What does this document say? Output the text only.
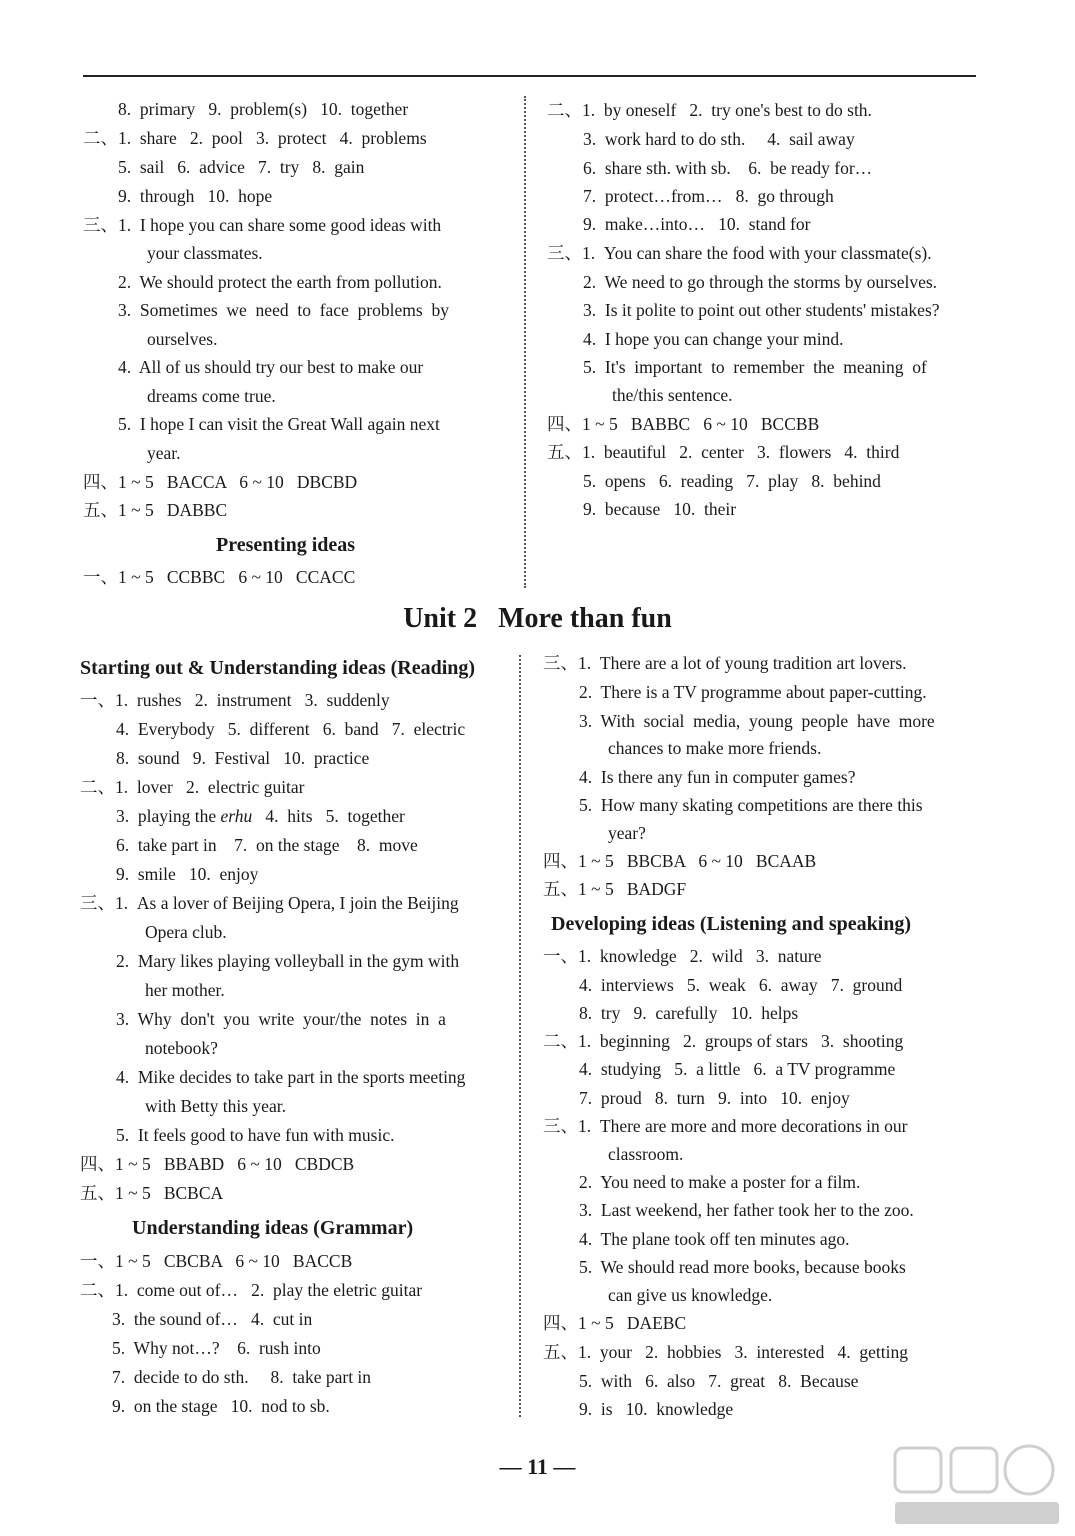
8.  primary   9.  problem(s)   10.  together
二、1.  share   2.  pool   3.  protect   4.  problems
5.  sail   6.  advice   7.  try   8.  gain
9.  through   10.  hope
三、1.  I hope you can share some good ideas with
your classmates.
2.  We should protect the earth from pollution.
3.  Sometimes  we  need  to  face  problems  by
ourselves.
4.  All of us should try our best to make our
dreams come true.
5.  I hope I can visit the Great Wall again next
year.
四、1 ~ 5   BACCA   6 ~ 10   DBCBD
五、1 ~ 5   DABBC
Presenting ideas
一、1 ~ 5   CCBBC   6 ~ 10   CCACC
二、1.  by oneself   2.  try one's best to do sth.
3.  work hard to do sth.     4.  sail away
6.  share sth. with sb.    6.  be ready for…
7.  protect…from…   8.  go through
9.  make…into…   10.  stand for
三、1.  You can share the food with your classmate(s).
2.  We need to go through the storms by ourselves.
3.  Is it polite to point out other students' mistakes?
4.  I hope you can change your mind.
5.  It's  important  to  remember  the  meaning  of
the/this sentence.
四、1 ~ 5   BABBC   6 ~ 10   BCCBB
五、1.  beautiful   2.  center   3.  flowers   4.  third
5.  opens   6.  reading   7.  play   8.  behind
9.  because   10.  their
Unit 2   More than fun
Starting out & Understanding ideas (Reading)
一、1.  rushes   2.  instrument   3.  suddenly
4.  Everybody   5.  different   6.  band   7.  electric
8.  sound   9.  Festival   10.  practice
二、1.  lover   2.  electric guitar
3.  playing the erhu   4.  hits   5.  together
6.  take part in    7.  on the stage    8.  move
9.  smile   10.  enjoy
三、1.  As a lover of Beijing Opera, I join the Beijing
Opera club.
2.  Mary likes playing volleyball in the gym with
her mother.
3.  Why  don't  you  write  your/the  notes  in  a
notebook?
4.  Mike decides to take part in the sports meeting
with Betty this year.
5.  It feels good to have fun with music.
四、1 ~ 5   BBABD   6 ~ 10   CBDCB
五、1 ~ 5   BCBCA
Understanding ideas (Grammar)
一、1 ~ 5   CBCBA   6 ~ 10   BACCB
二、1.  come out of…   2.  play the eletric guitar
3.  the sound of…   4.  cut in
5.  Why not…?    6.  rush into
7.  decide to do sth.     8.  take part in
9.  on the stage   10.  nod to sb.
三、1.  There are a lot of young tradition art lovers.
2.  There is a TV programme about paper-cutting.
3.  With  social  media,  young  people  have  more
chances to make more friends.
4.  Is there any fun in computer games?
5.  How many skating competitions are there this
year?
四、1 ~ 5   BBCBA   6 ~ 10   BCAAB
五、1 ~ 5   BADGF
Developing ideas (Listening and speaking)
一、1.  knowledge   2.  wild   3.  nature
4.  interviews   5.  weak   6.  away   7.  ground
8.  try   9.  carefully   10.  helps
二、1.  beginning   2.  groups of stars   3.  shooting
4.  studying   5.  a little   6.  a TV programme
7.  proud   8.  turn   9.  into   10.  enjoy
三、1.  There are more and more decorations in our
classroom.
2.  You need to make a poster for a film.
3.  Last weekend, her father took her to the zoo.
4.  The plane took off ten minutes ago.
5.  We should read more books, because books
can give us knowledge.
四、1 ~ 5   DAEBC
五、1.  your   2.  hobbies   3.  interested   4.  getting
5.  with   6.  also   7.  great   8.  Because
9.  is   10.  knowledge
— 11 —
